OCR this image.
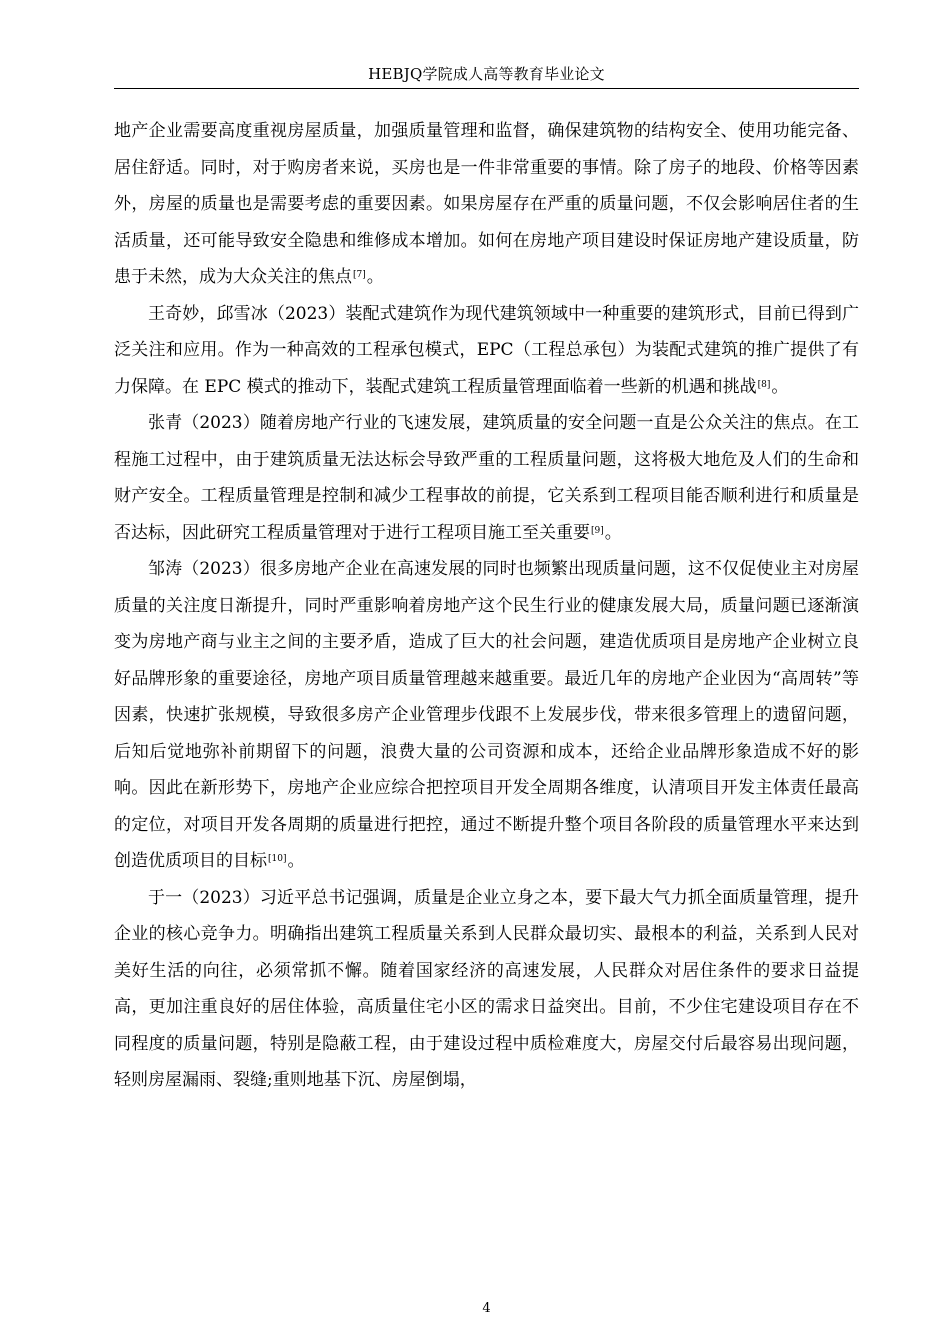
HEBJQ学院成人高等教育毕业论文

地产企业需要高度重视房屋质量，加强质量管理和监督，确保建筑物的结构安全、使用功能完备、居住舒适。同时，对于购房者来说，买房也是一件非常重要的事情。除了房子的地段、价格等因素外，房屋的质量也是需要考虑的重要因素。如果房屋存在严重的质量问题，不仅会影响居住者的生活质量，还可能导致安全隐患和维修成本增加。如何在房地产项目建设时保证房地产建设质量，防患于未然，成为大众关注的焦点[7]。

王奇妙，邱雪冰（2023）装配式建筑作为现代建筑领域中一种重要的建筑形式，目前已得到广泛关注和应用。作为一种高效的工程承包模式，EPC（工程总承包）为装配式建筑的推广提供了有力保障。在 EPC 模式的推动下，装配式建筑工程质量管理面临着一些新的机遇和挑战[8]。

张青（2023）随着房地产行业的飞速发展，建筑质量的安全问题一直是公众关注的焦点。在工程施工过程中，由于建筑质量无法达标会导致严重的工程质量问题，这将极大地危及人们的生命和财产安全。工程质量管理是控制和减少工程事故的前提，它关系到工程项目能否顺利进行和质量是否达标，因此研究工程质量管理对于进行工程项目施工至关重要[9]。

邹涛（2023）很多房地产企业在高速发展的同时也频繁出现质量问题，这不仅促使业主对房屋质量的关注度日渐提升，同时严重影响着房地产这个民生行业的健康发展大局，质量问题已逐渐演变为房地产商与业主之间的主要矛盾，造成了巨大的社会问题，建造优质项目是房地产企业树立良好品牌形象的重要途径，房地产项目质量管理越来越重要。最近几年的房地产企业因为“高周转”等因素，快速扩张规模，导致很多房产企业管理步伐跟不上发展步伐，带来很多管理上的遗留问题，后知后觉地弥补前期留下的问题，浪费大量的公司资源和成本，还给企业品牌形象造成不好的影响。因此在新形势下，房地产企业应综合把控项目开发全周期各维度，认清项目开发主体责任最高的定位，对项目开发各周期的质量进行把控，通过不断提升整个项目各阶段的质量管理水平来达到创造优质项目的目标[10]。

于一（2023）习近平总书记强调，质量是企业立身之本，要下最大气力抓全面质量管理，提升企业的核心竞争力。明确指出建筑工程质量关系到人民群众最切实、最根本的利益，关系到人民对美好生活的向往，必须常抓不懈。随着国家经济的高速发展，人民群众对居住条件的要求日益提高，更加注重良好的居住体验，高质量住宅小区的需求日益突出。目前，不少住宅建设项目存在不同程度的质量问题，特别是隐蔽工程，由于建设过程中质检难度大，房屋交付后最容易出现问题，轻则房屋漏雨、裂缝;重则地基下沉、房屋倒塌，

4
